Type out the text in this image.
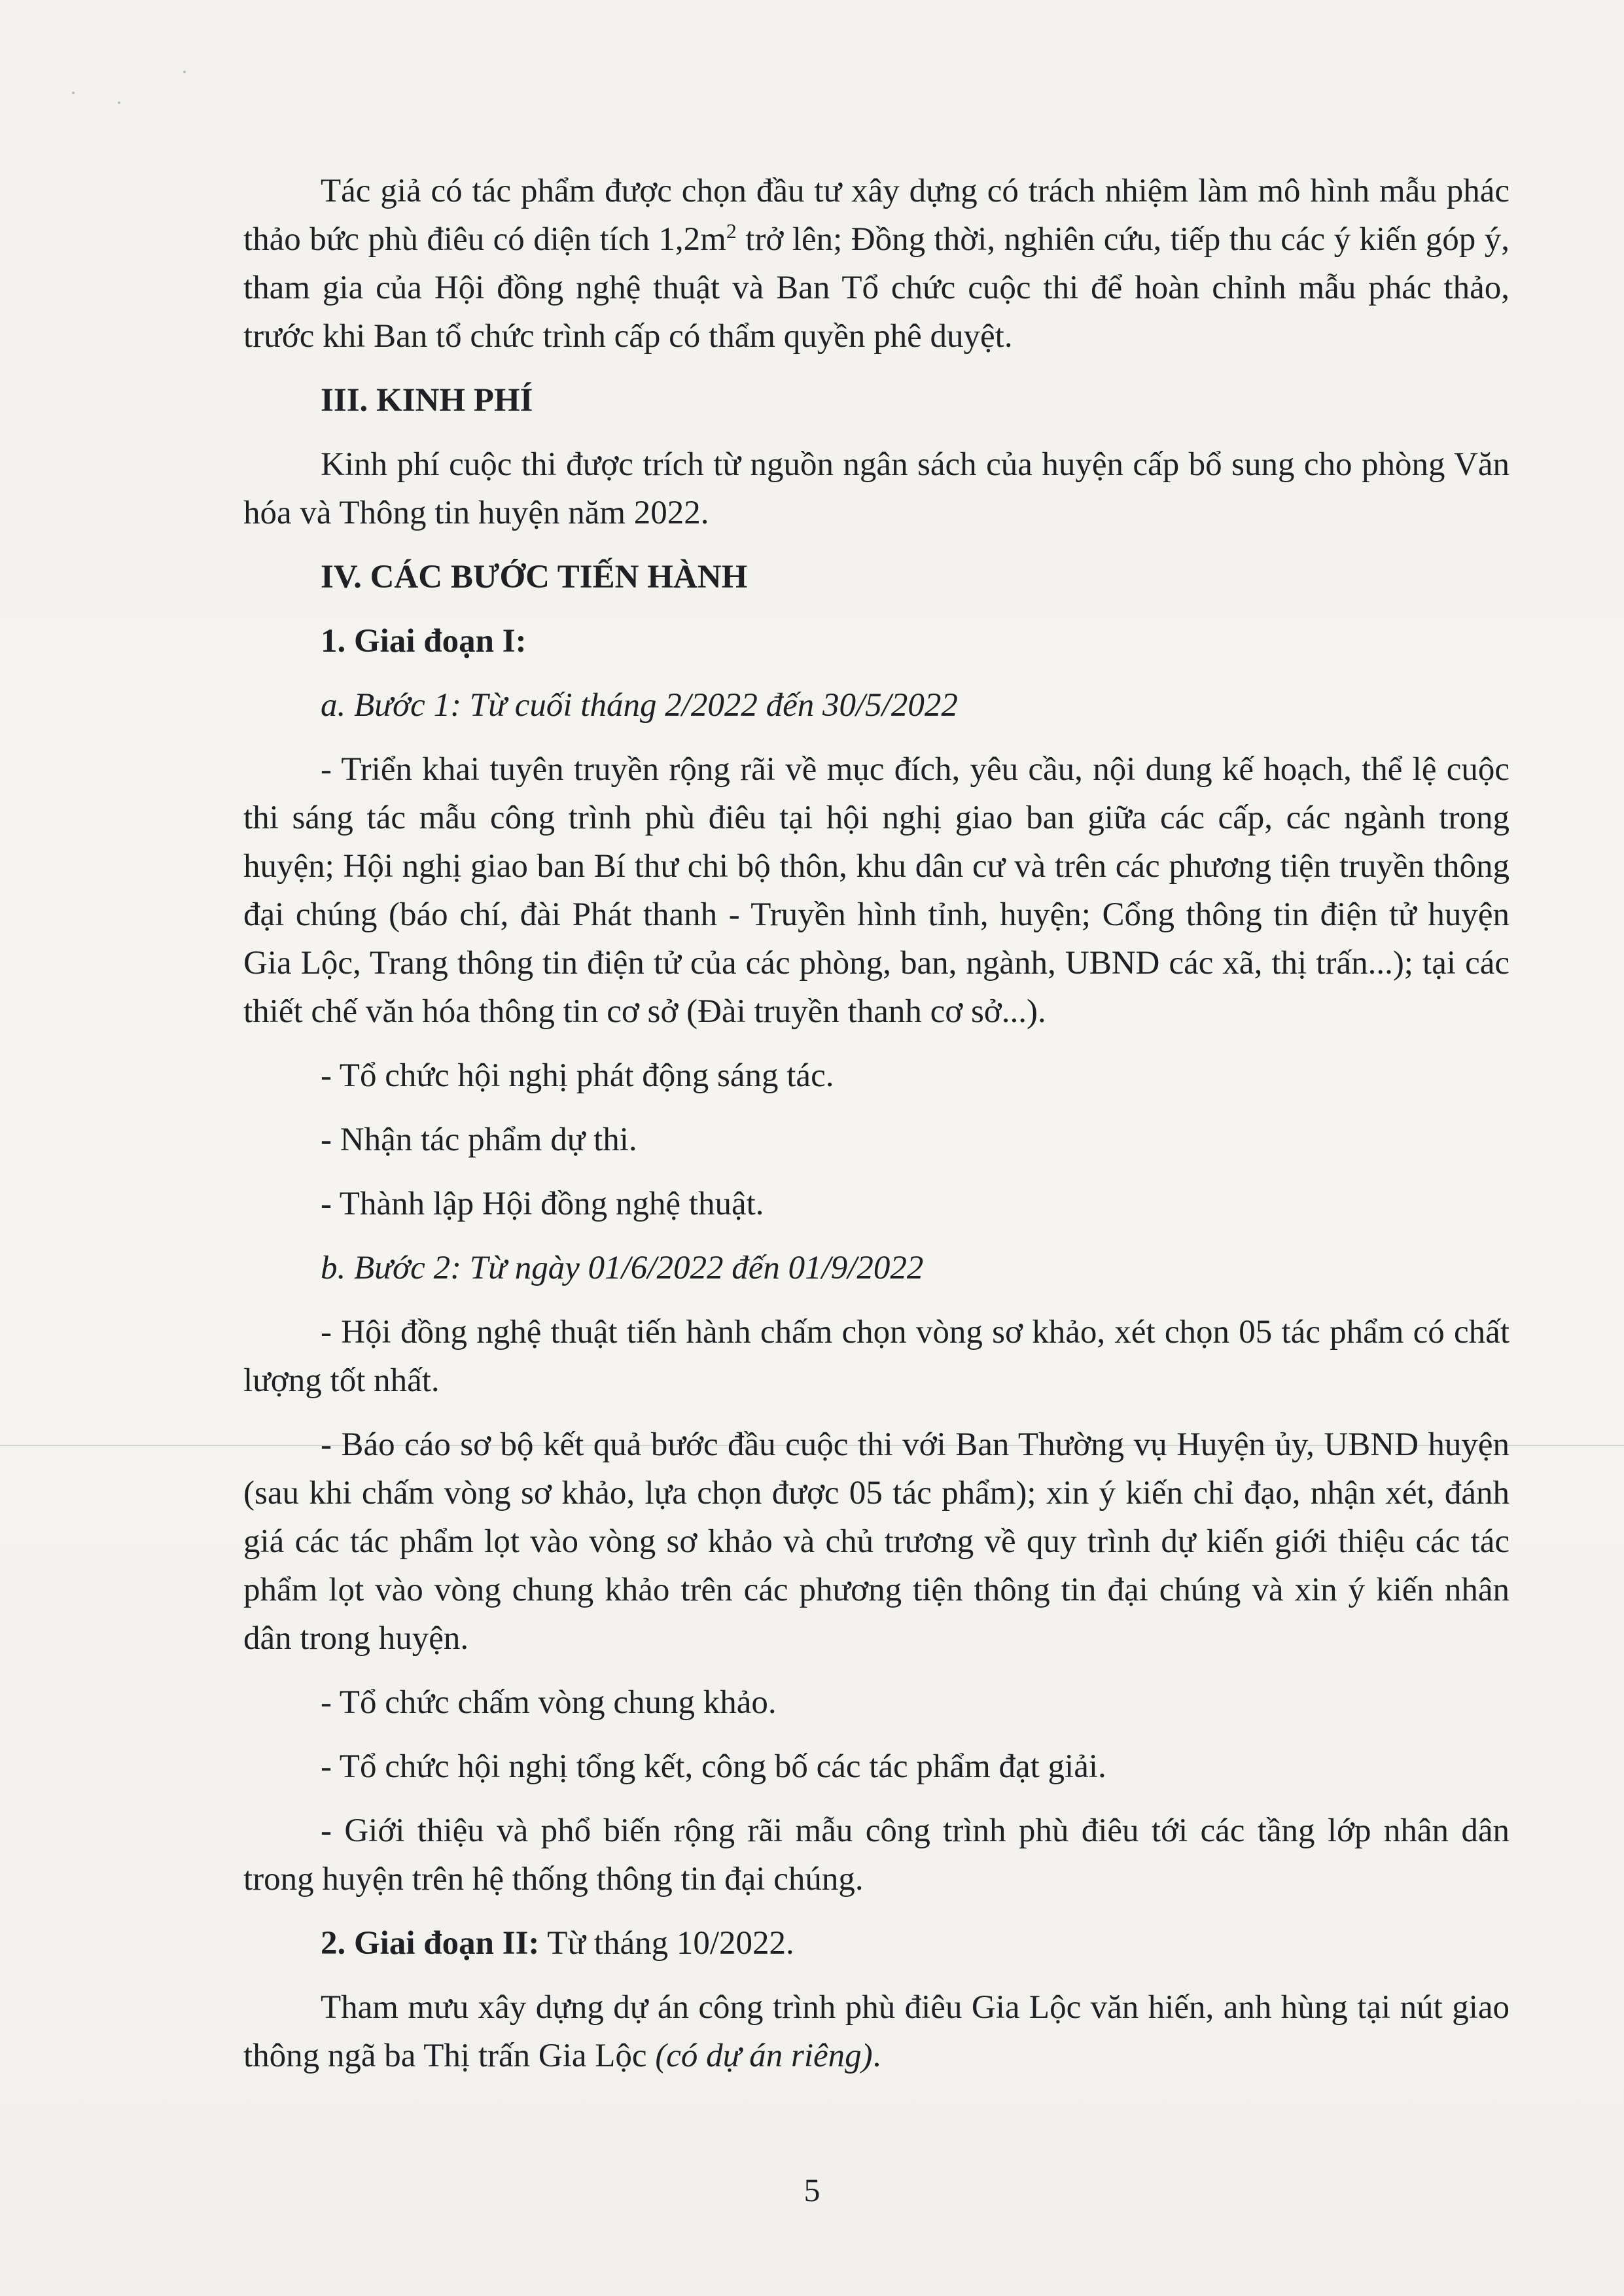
Tác giả có tác phẩm được chọn đầu tư xây dựng có trách nhiệm làm mô hình mẫu phác thảo bức phù điêu có diện tích $1,2m^2$ trở lên; Đồng thời, nghiên cứu, tiếp thu các ý kiến góp ý, tham gia của Hội đồng nghệ thuật và Ban Tổ chức cuộc thi để hoàn chỉnh mẫu phác thảo, trước khi Ban tổ chức trình cấp có thẩm quyền phê duyệt.

III. KINH PHÍ

Kinh phí cuộc thi được trích từ nguồn ngân sách của huyện cấp bổ sung cho phòng Văn hóa và Thông tin huyện năm 2022.

IV. CÁC BƯỚC TIẾN HÀNH

1. Giai đoạn I:

a. Bước 1: Từ cuối tháng 2/2022 đến 30/5/2022

- Triển khai tuyên truyền rộng rãi về mục đích, yêu cầu, nội dung kế hoạch, thể lệ cuộc thi sáng tác mẫu công trình phù điêu tại hội nghị giao ban giữa các cấp, các ngành trong huyện; Hội nghị giao ban Bí thư chi bộ thôn, khu dân cư và trên các phương tiện truyền thông đại chúng (báo chí, đài Phát thanh - Truyền hình tỉnh, huyện; Cổng thông tin điện tử huyện Gia Lộc, Trang thông tin điện tử của các phòng, ban, ngành, UBND các xã, thị trấn...); tại các thiết chế văn hóa thông tin cơ sở (Đài truyền thanh cơ sở...).

- Tổ chức hội nghị phát động sáng tác.

- Nhận tác phẩm dự thi.

- Thành lập Hội đồng nghệ thuật.

b. Bước 2: Từ ngày 01/6/2022 đến 01/9/2022

- Hội đồng nghệ thuật tiến hành chấm chọn vòng sơ khảo, xét chọn 05 tác phẩm có chất lượng tốt nhất.

- Báo cáo sơ bộ kết quả bước đầu cuộc thi với Ban Thường vụ Huyện ủy, UBND huyện (sau khi chấm vòng sơ khảo, lựa chọn được 05 tác phẩm); xin ý kiến chỉ đạo, nhận xét, đánh giá các tác phẩm lọt vào vòng sơ khảo và chủ trương về quy trình dự kiến giới thiệu các tác phẩm lọt vào vòng chung khảo trên các phương tiện thông tin đại chúng và xin ý kiến nhân dân trong huyện.

- Tổ chức chấm vòng chung khảo.

- Tổ chức hội nghị tổng kết, công bố các tác phẩm đạt giải.

- Giới thiệu và phổ biến rộng rãi mẫu công trình phù điêu tới các tầng lớp nhân dân trong huyện trên hệ thống thông tin đại chúng.

2. Giai đoạn II: Từ tháng 10/2022.

Tham mưu xây dựng dự án công trình phù điêu Gia Lộc văn hiến, anh hùng tại nút giao thông ngã ba Thị trấn Gia Lộc (có dự án riêng).

5
